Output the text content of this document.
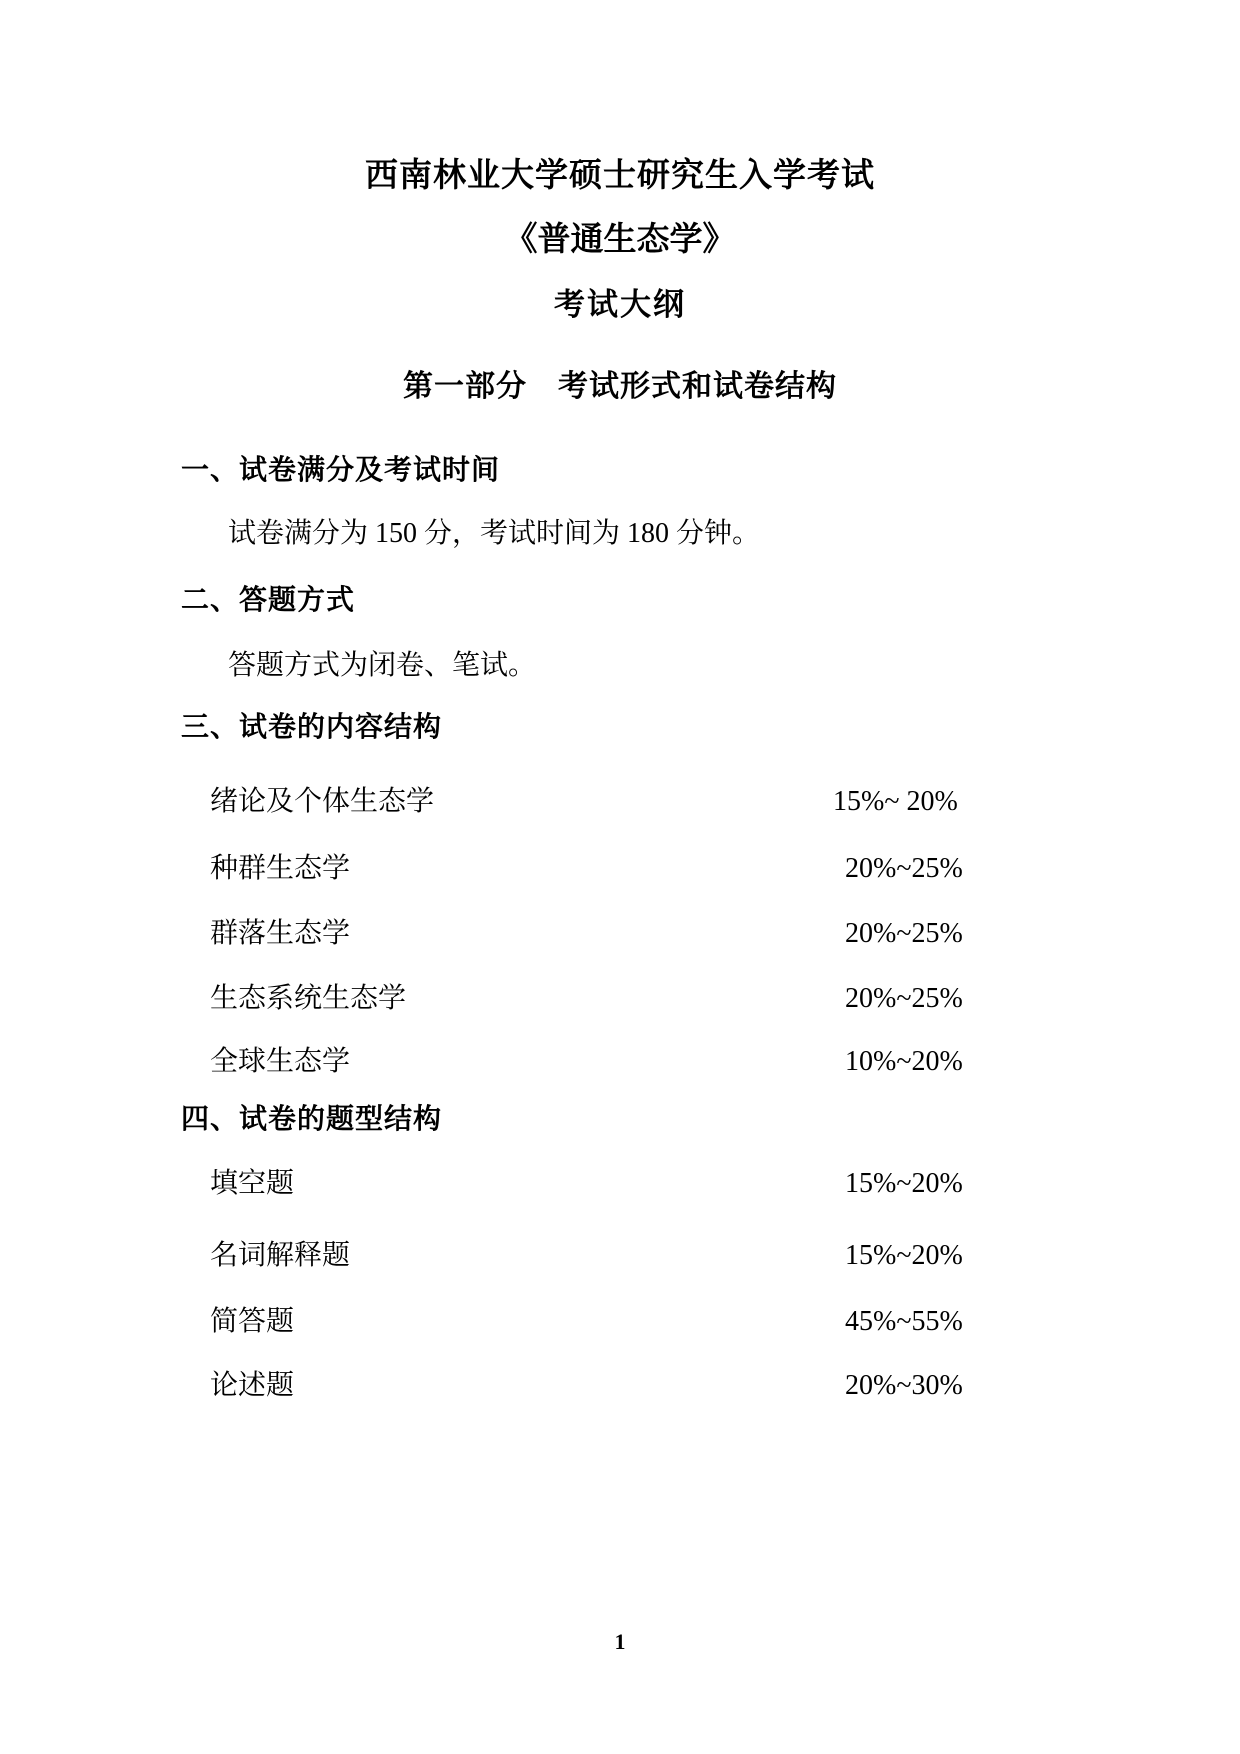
西南林业大学硕士研究生入学考试
《普通生态学》
考试大纲
第一部分　考试形式和试卷结构
一、试卷满分及考试时间
试卷满分为 150 分，考试时间为 180 分钟。
二、答题方式
答题方式为闭卷、笔试。
三、试卷的内容结构
绪论及个体生态学	15%~ 20%
种群生态学	20%~25%
群落生态学	20%~25%
生态系统生态学	20%~25%
全球生态学	10%~20%
四、试卷的题型结构
填空题	15%~20%
名词解释题	15%~20%
简答题	45%~55%
论述题	20%~30%
1
